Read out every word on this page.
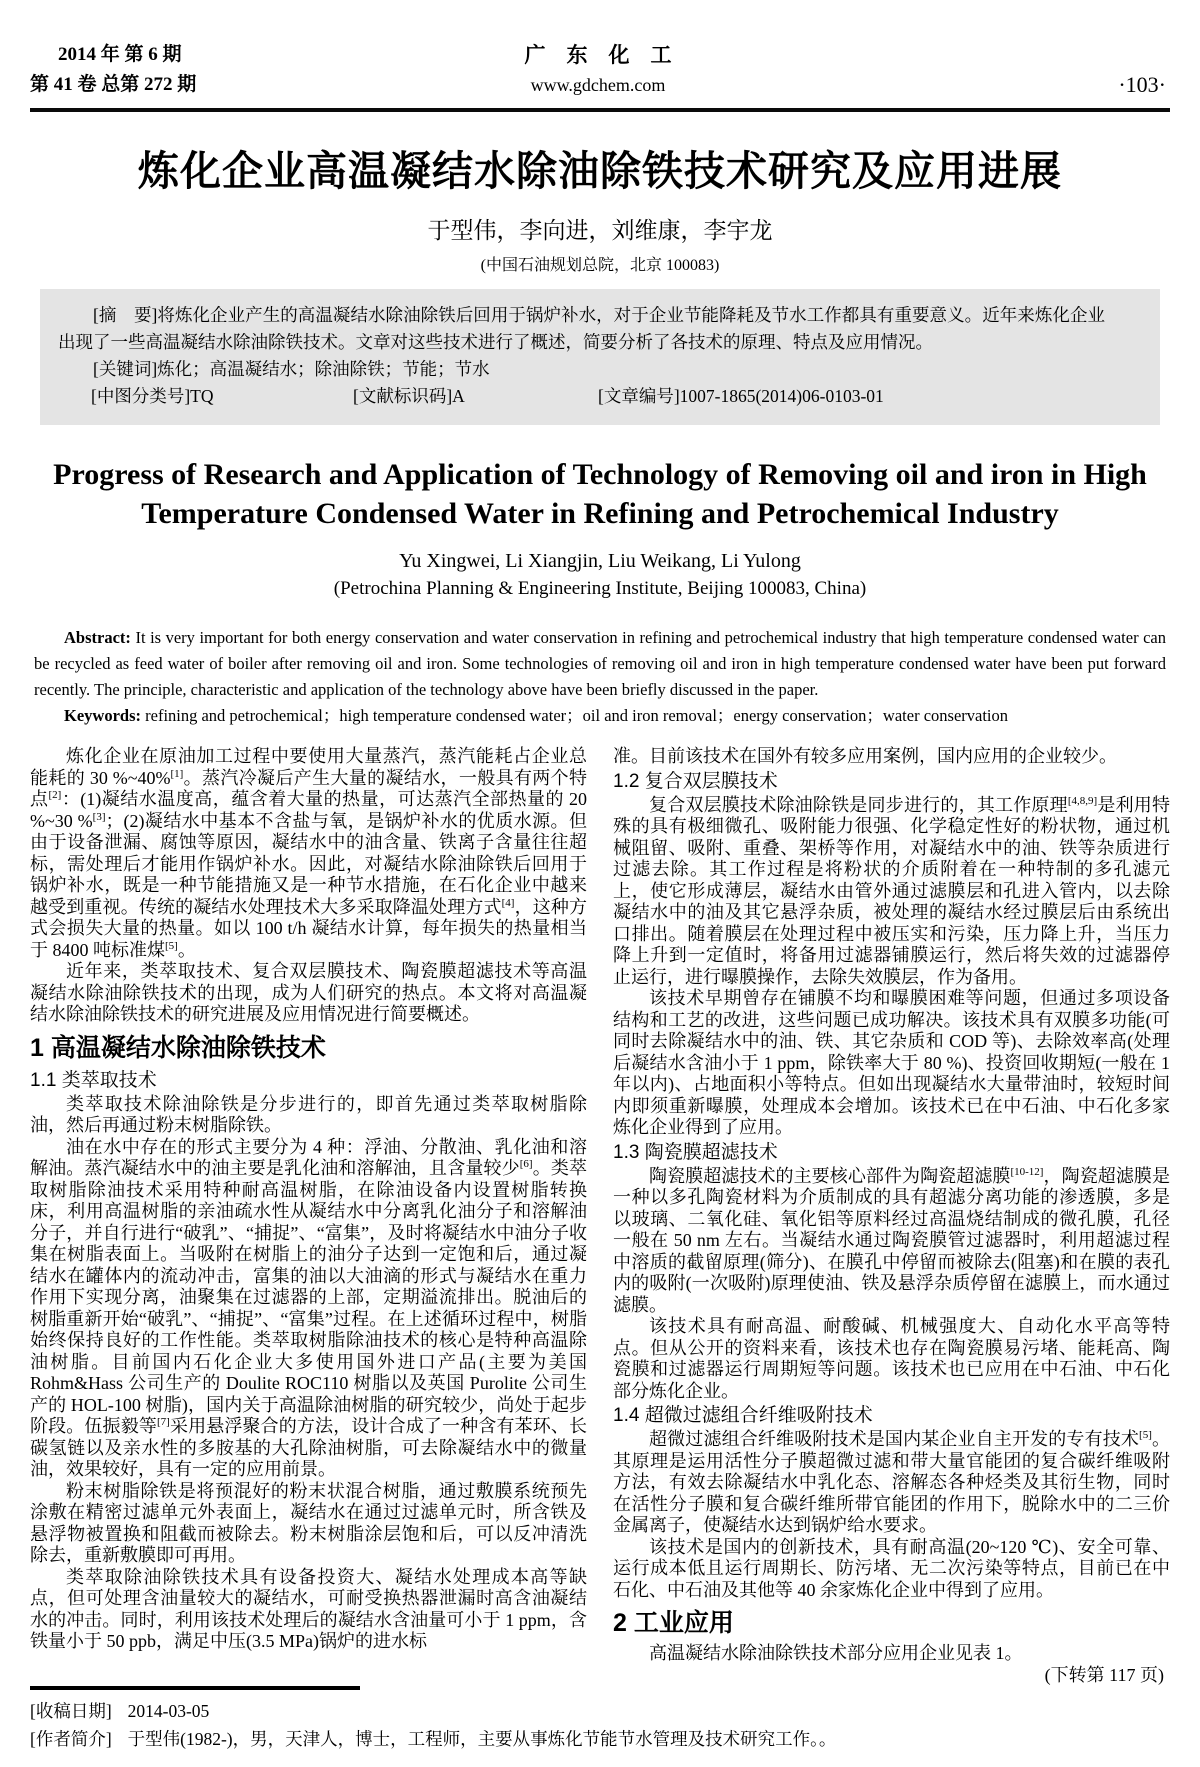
2014 年 第 6 期
第 41 卷 总第 272 期
广　东　化　工
www.gdchem.com	·103·
炼化企业高温凝结水除油除铁技术研究及应用进展
于型伟，李向进，刘维康，李宇龙
(中国石油规划总院，北京 100083)

[摘　要]将炼化企业产生的高温凝结水除油除铁后回用于锅炉补水，对于企业节能降耗及节水工作都具有重要意义。近年来炼化企业出现了一些高温凝结水除油除铁技术。文章对这些技术进行了概述，简要分析了各技术的原理、特点及应用情况。

[关键词]炼化；高温凝结水；除油除铁；节能；节水

[中图分类号]TQ	[文献标识码]A	[文章编号]1007-1865(2014)06-0103-01
Progress of Research and Application of Technology of Removing oil and iron in High Temperature Condensed Water in Refining and Petrochemical Industry
Yu Xingwei, Li Xiangjin, Liu Weikang, Li Yulong
(Petrochina Planning & Engineering Institute, Beijing 100083, China)

Abstract: It is very important for both energy conservation and water conservation in refining and petrochemical industry that high temperature condensed water can be recycled as feed water of boiler after removing oil and iron. Some technologies of removing oil and iron in high temperature condensed water have been put forward recently. The principle, characteristic and application of the technology above have been briefly discussed in the paper.

Keywords: refining and petrochemical；high temperature condensed water；oil and iron removal；energy conservation；water conservation

炼化企业在原油加工过程中要使用大量蒸汽，蒸汽能耗占企业总能耗的 30 %~40%[1]。蒸汽冷凝后产生大量的凝结水，一般具有两个特点[2]：(1)凝结水温度高，蕴含着大量的热量，可达蒸汽全部热量的 20 %~30 %[3]；(2)凝结水中基本不含盐与氧，是锅炉补水的优质水源。但由于设备泄漏、腐蚀等原因，凝结水中的油含量、铁离子含量往往超标，需处理后才能用作锅炉补水。因此，对凝结水除油除铁后回用于锅炉补水，既是一种节能措施又是一种节水措施，在石化企业中越来越受到重视。传统的凝结水处理技术大多采取降温处理方式[4]，这种方式会损失大量的热量。如以 100 t/h 凝结水计算，每年损失的热量相当于 8400 吨标准煤[5]。

近年来，类萃取技术、复合双层膜技术、陶瓷膜超滤技术等高温凝结水除油除铁技术的出现，成为人们研究的热点。本文将对高温凝结水除油除铁技术的研究进展及应用情况进行简要概述。

1 高温凝结水除油除铁技术
1.1 类萃取技术

类萃取技术除油除铁是分步进行的，即首先通过类萃取树脂除油，然后再通过粉末树脂除铁。

油在水中存在的形式主要分为 4 种：浮油、分散油、乳化油和溶解油。蒸汽凝结水中的油主要是乳化油和溶解油，且含量较少[6]。类萃取树脂除油技术采用特种耐高温树脂，在除油设备内设置树脂转换床，利用高温树脂的亲油疏水性从凝结水中分离乳化油分子和溶解油分子，并自行进行“破乳”、“捕捉”、“富集”，及时将凝结水中油分子收集在树脂表面上。当吸附在树脂上的油分子达到一定饱和后，通过凝结水在罐体内的流动冲击，富集的油以大油滴的形式与凝结水在重力作用下实现分离，油聚集在过滤器的上部，定期溢流排出。脱油后的树脂重新开始“破乳”、“捕捉”、“富集”过程。在上述循环过程中，树脂始终保持良好的工作性能。类萃取树脂除油技术的核心是特种高温除油树脂。目前国内石化企业大多使用国外进口产品(主要为美国 Rohm&Hass 公司生产的 Doulite ROC110 树脂以及英国 Purolite 公司生产的 HOL-100 树脂)，国内关于高温除油树脂的研究较少，尚处于起步阶段。伍振毅等[7]采用悬浮聚合的方法，设计合成了一种含有苯环、长碳氢链以及亲水性的多胺基的大孔除油树脂，可去除凝结水中的微量油，效果较好，具有一定的应用前景。

粉末树脂除铁是将预混好的粉末状混合树脂，通过敷膜系统预先涂敷在精密过滤单元外表面上，凝结水在通过过滤单元时，所含铁及悬浮物被置换和阻截而被除去。粉末树脂涂层饱和后，可以反冲清洗除去，重新敷膜即可再用。

类萃取除油除铁技术具有设备投资大、凝结水处理成本高等缺点，但可处理含油量较大的凝结水，可耐受换热器泄漏时高含油凝结水的冲击。同时，利用该技术处理后的凝结水含油量可小于 1 ppm，含铁量小于 50 ppb，满足中压(3.5 MPa)锅炉的进水标

准。目前该技术在国外有较多应用案例，国内应用的企业较少。

1.2 复合双层膜技术

复合双层膜技术除油除铁是同步进行的，其工作原理[4,8,9]是利用特殊的具有极细微孔、吸附能力很强、化学稳定性好的粉状物，通过机械阻留、吸附、重叠、架桥等作用，对凝结水中的油、铁等杂质进行过滤去除。其工作过程是将粉状的介质附着在一种特制的多孔滤元上，使它形成薄层，凝结水由管外通过滤膜层和孔进入管内，以去除凝结水中的油及其它悬浮杂质，被处理的凝结水经过膜层后由系统出口排出。随着膜层在处理过程中被压实和污染，压力降上升，当压力降上升到一定值时，将备用过滤器铺膜运行，然后将失效的过滤器停止运行，进行曝膜操作，去除失效膜层，作为备用。

该技术早期曾存在铺膜不均和曝膜困难等问题，但通过多项设备结构和工艺的改进，这些问题已成功解决。该技术具有双膜多功能(可同时去除凝结水中的油、铁、其它杂质和 COD 等)、去除效率高(处理后凝结水含油小于 1 ppm，除铁率大于 80 %)、投资回收期短(一般在 1 年以内)、占地面积小等特点。但如出现凝结水大量带油时，较短时间内即须重新曝膜，处理成本会增加。该技术已在中石油、中石化多家炼化企业得到了应用。

1.3 陶瓷膜超滤技术

陶瓷膜超滤技术的主要核心部件为陶瓷超滤膜[10-12]，陶瓷超滤膜是一种以多孔陶瓷材料为介质制成的具有超滤分离功能的渗透膜，多是以玻璃、二氧化硅、氧化铝等原料经过高温烧结制成的微孔膜，孔径一般在 50 nm 左右。当凝结水通过陶瓷膜管过滤器时，利用超滤过程中溶质的截留原理(筛分)、在膜孔中停留而被除去(阻塞)和在膜的表孔内的吸附(一次吸附)原理使油、铁及悬浮杂质停留在滤膜上，而水通过滤膜。

该技术具有耐高温、耐酸碱、机械强度大、自动化水平高等特点。但从公开的资料来看，该技术也存在陶瓷膜易污堵、能耗高、陶瓷膜和过滤器运行周期短等问题。该技术也已应用在中石油、中石化部分炼化企业。

1.4 超微过滤组合纤维吸附技术

超微过滤组合纤维吸附技术是国内某企业自主开发的专有技术[5]。其原理是运用活性分子膜超微过滤和带大量官能团的复合碳纤维吸附方法，有效去除凝结水中乳化态、溶解态各种烃类及其衍生物，同时在活性分子膜和复合碳纤维所带官能团的作用下，脱除水中的二三价金属离子，使凝结水达到锅炉给水要求。

该技术是国内的创新技术，具有耐高温(20~120 ℃)、安全可靠、运行成本低且运行周期长、防污堵、无二次污染等特点，目前已在中石化、中石油及其他等 40 余家炼化企业中得到了应用。

2 工业应用

高温凝结水除油除铁技术部分应用企业见表 1。

(下转第 117 页)

[收稿日期] 2014-03-05
[作者简介] 于型伟(1982-)，男，天津人，博士，工程师，主要从事炼化节能节水管理及技术研究工作。。
